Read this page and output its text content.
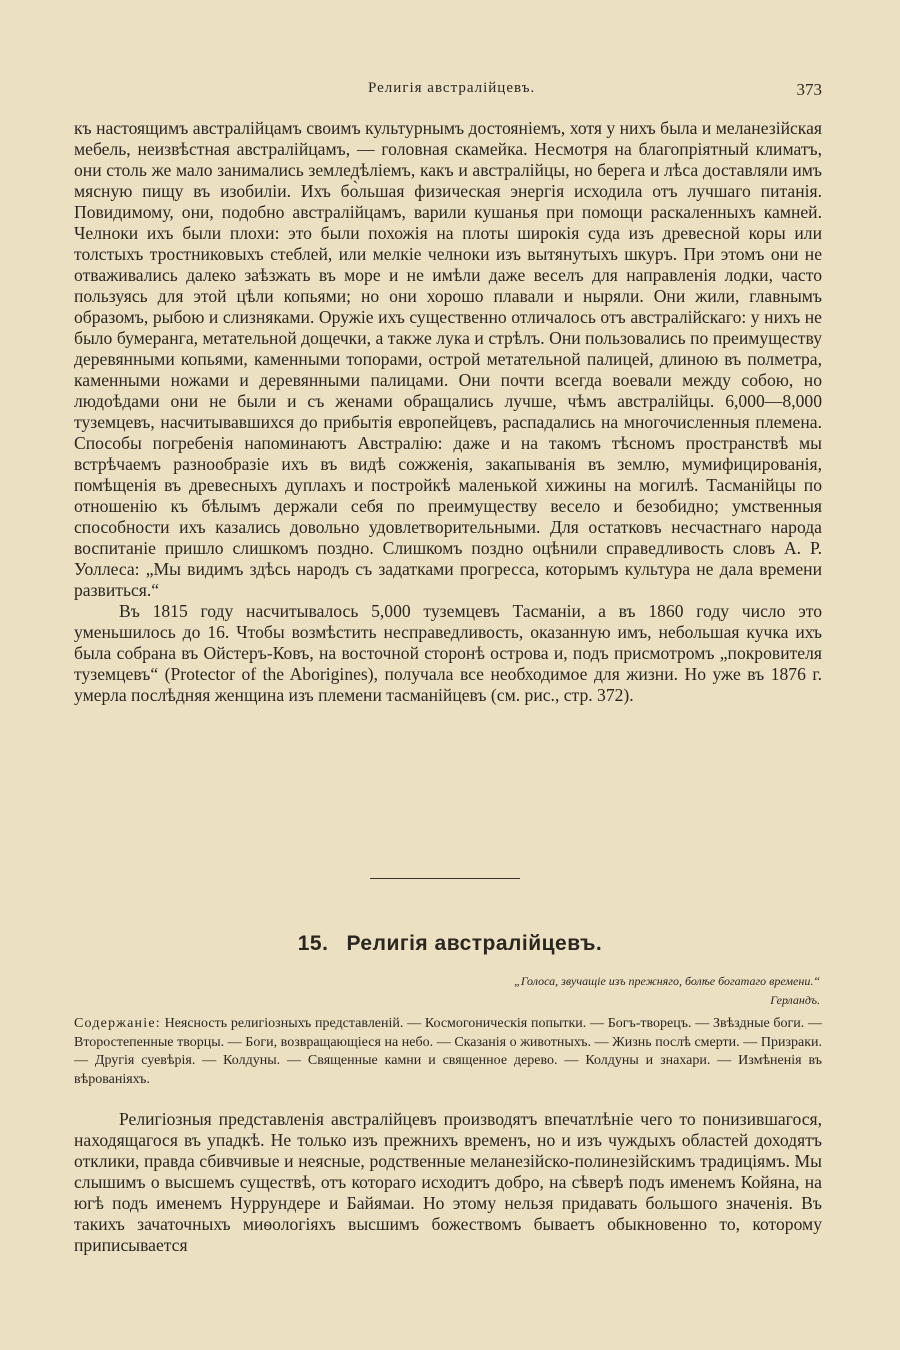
Религія австралійцевъ.	373

къ настоящимъ австралійцамъ своимъ культурнымъ достояніемъ, хотя у нихъ была и меланезійская мебель, неизвѣстная австралійцамъ, — головная скамейка. Несмотря на благопріятный климатъ, они столь же мало занимались земледѣліемъ, какъ и австралійцы, но берега и лѣса доставляли имъ мясную пищу въ изобиліи. Ихъ бо̀льшая физическая энергія исходила отъ лучшаго питанія. Повидимому, они, подобно австралійцамъ, варили кушанья при помощи раскаленныхъ камней. Челноки ихъ были плохи: это были похожія на плоты широкія суда изъ древесной коры или толстыхъ тростниковыхъ стеблей, или мелкіе челноки изъ вытянутыхъ шкуръ. При этомъ они не отваживались далеко заѣзжать въ море и не имѣли даже веселъ для направленія лодки, часто пользуясь для этой цѣли копьями; но они хорошо плавали и ныряли. Они жили, главнымъ образомъ, рыбою и слизняками. Оружіе ихъ существенно отличалось отъ австралійскаго: у нихъ не было бумеранга, метательной дощечки, а также лука и стрѣлъ. Они пользовались по преимуществу деревянными копьями, каменными топорами, острой метательной палицей, длиною въ полметра, каменными ножами и деревянными палицами. Они почти всегда воевали между собою, но людоѣдами они не были и съ женами обращались лучше, чѣмъ австралійцы. 6,000—8,000 туземцевъ, насчитывавшихся до прибытія европейцевъ, распадались на многочисленныя племена. Способы погребенія напоминаютъ Австралію: даже и на такомъ тѣсномъ пространствѣ мы встрѣчаемъ разнообразіе ихъ въ видѣ сожженія, закапыванія въ землю, мумифицированія, помѣщенія въ древесныхъ дуплахъ и постройкѣ маленькой хижины на могилѣ. Тасманійцы по отношенію къ бѣлымъ держали себя по преимуществу весело и безобидно; умственныя способности ихъ казались довольно удовлетворительными. Для остатковъ несчастнаго народа воспитаніе пришло слишкомъ поздно. Слишкомъ поздно оцѣнили справедливость словъ А. Р. Уоллеса: „Мы видимъ здѣсь народъ съ задатками прогресса, которымъ культура не дала времени развиться.“

Въ 1815 году насчитывалось 5,000 туземцевъ Тасманіи, а въ 1860 году число это уменьшилось до 16. Чтобы возмѣстить несправедливость, оказанную имъ, небольшая кучка ихъ была собрана въ Ойстеръ-Ковъ, на восточной сторонѣ острова и, подъ присмотромъ „покровителя туземцевъ“ (Protector of the Aborigines), получала все необходимое для жизни. Но уже въ 1876 г. умерла послѣдняя женщина изъ племени тасманійцевъ (см. рис., стр. 372).

15. Религія австралійцевъ.
„Голоса, звучащіе изъ прежняго, болѣе богатаго времени.“
Герландъ.
Содержаніе: Неясность религіозныхъ представленій. — Космогоническія попытки. — Богъ-творецъ. — Звѣздные боги. — Второстепенные творцы. — Боги, возвращающіеся на небо. — Сказанія о животныхъ. — Жизнь послѣ смерти. — Призраки. — Другія суевѣрія. — Колдуны. — Священные камни и священное дерево. — Колдуны и знахари. — Измѣненія въ вѣрованіяхъ.

Религіозныя представленія австралійцевъ производятъ впечатлѣніе чего то понизившагося, находящагося въ упадкѣ. Не только изъ прежнихъ временъ, но и изъ чуждыхъ областей доходятъ отклики, правда сбивчивые и неясные, родственные меланезійско-полинезійскимъ традиціямъ. Мы слышимъ о высшемъ существѣ, отъ котораго исходитъ добро, на сѣверѣ подъ именемъ Койяна, на югѣ подъ именемъ Нуррундере и Байямаи. Но этому нельзя придавать большого значенія. Въ такихъ зачаточныхъ миѳологіяхъ высшимъ божествомъ бываетъ обыкновенно то, которому приписывается
